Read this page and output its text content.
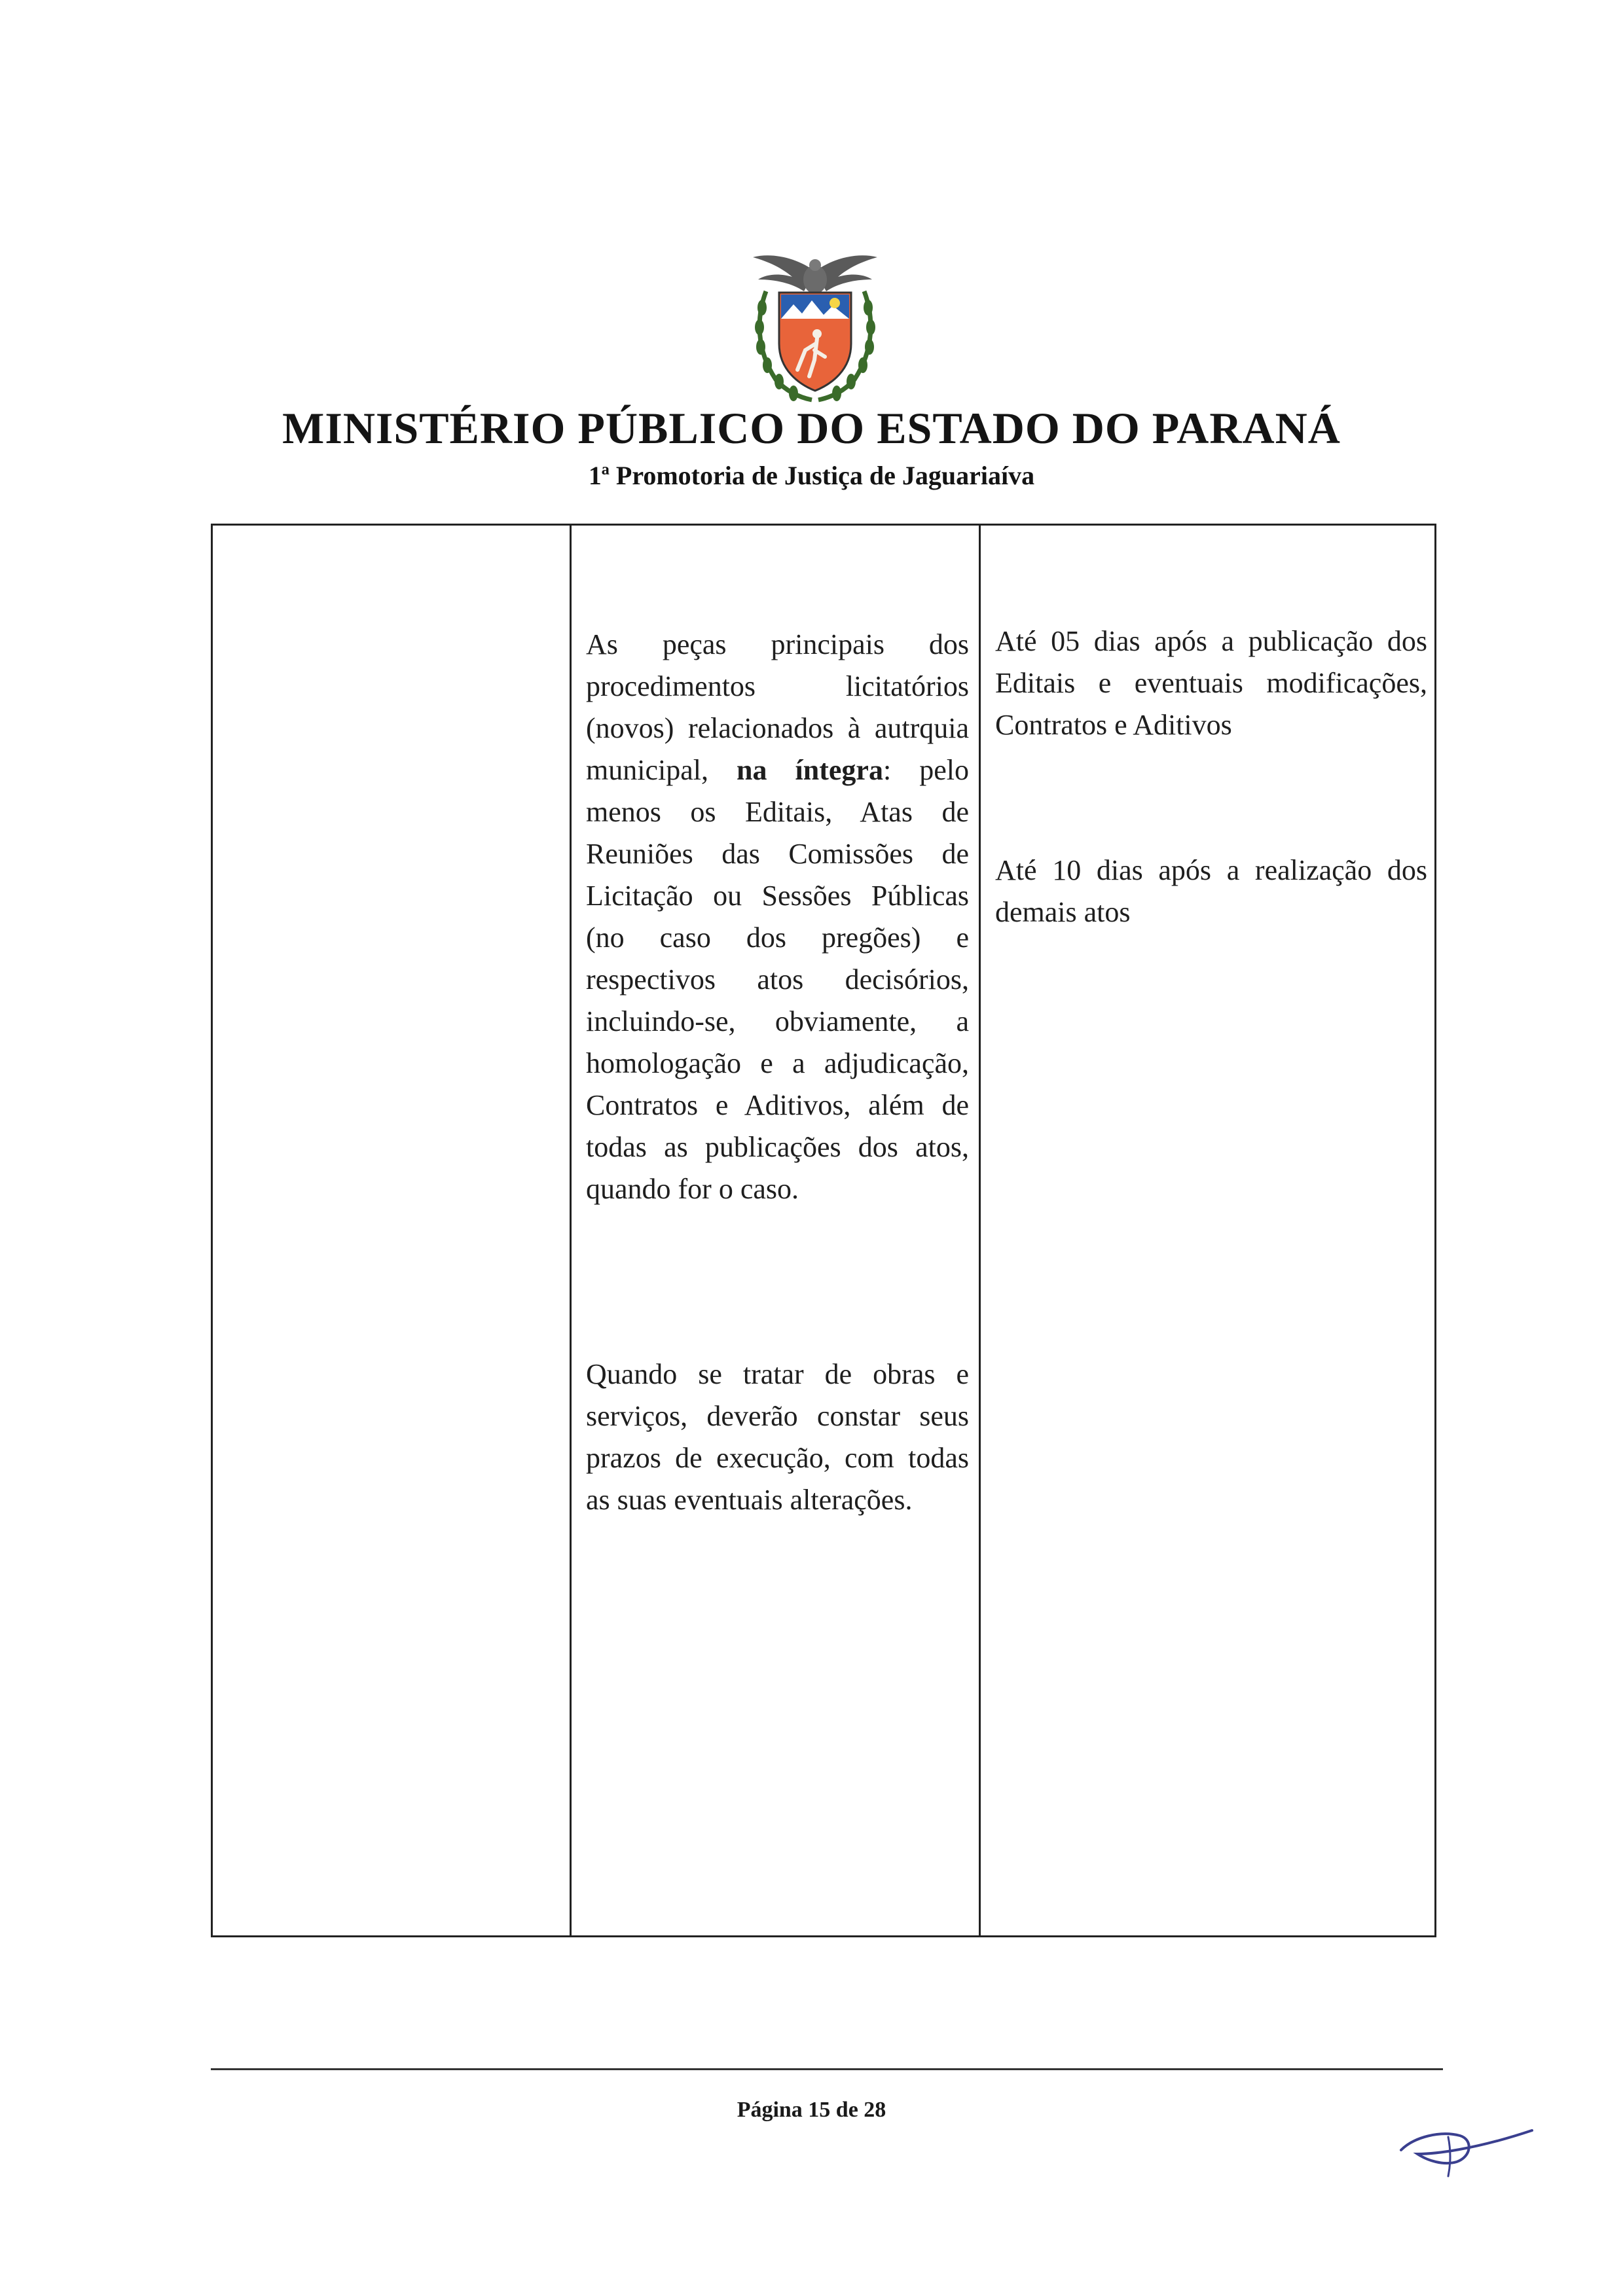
MINISTÉRIO PÚBLICO DO ESTADO DO PARANÁ
1ª Promotoria de Justiça de Jaguariaíva

As peças principais dos procedimentos licitatórios (novos) relacionados à autrquia municipal, na íntegra: pelo menos os Editais, Atas de Reuniões das Comissões de Licitação ou Sessões Públicas (no caso dos pregões) e respectivos atos decisórios, incluindo-se, obviamente, a homologação e a adjudicação, Contratos e Aditivos, além de todas as publicações dos atos, quando for o caso.

Quando se tratar de obras e serviços, deverão constar seus prazos de execução, com todas as suas eventuais alterações.

Até 05 dias após a publicação dos Editais e eventuais modificações, Contratos e Aditivos

Até 10 dias após a realização dos demais atos

Página 15 de 28
